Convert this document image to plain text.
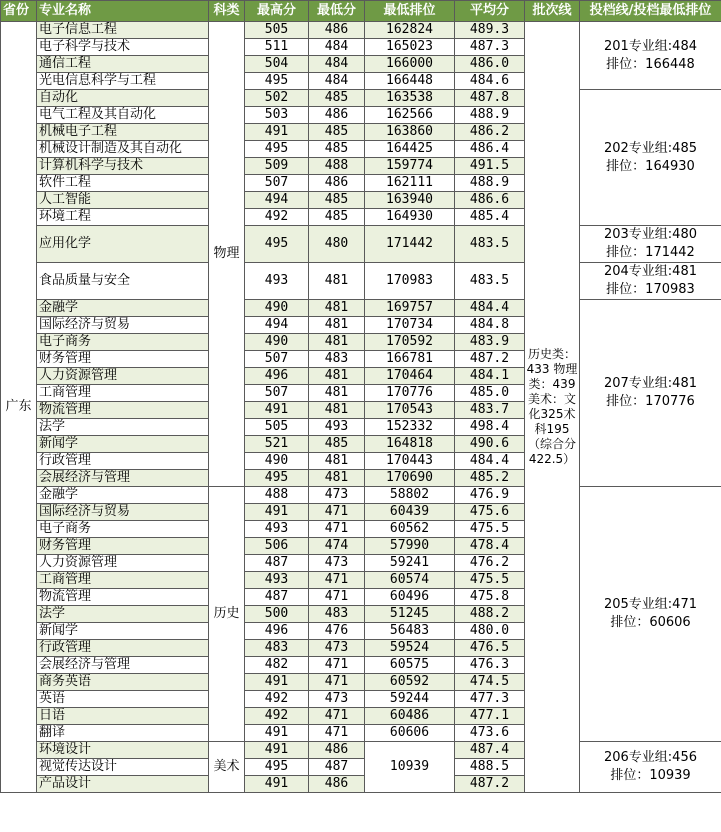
省份	专业名称	科类	最高分	最低分	最低排位	平均分	批次线	投档线/投档最低排位
广东	电子信息工程	物理	505	486	162824	489.3	历史类：433 物理类：439 美术：文化325术科195（综合分422.5）	201专业组:484
排位：166448

	电子科学与技术		511	484	165023	487.3		
	通信工程		504	484	166000	486.0		
	光电信息科学与工程		495	484	166448	484.6		
	自动化		502	485	163538	487.8		202专业组:485
排位：164930

	电气工程及其自动化		503	486	162566	488.9		
	机械电子工程		491	485	163860	486.2		
	机械设计制造及其自动化		495	485	164425	486.4		
	计算机科学与技术		509	488	159774	491.5		
	软件工程		507	486	162111	488.9		
	人工智能		494	485	163940	486.6		
	环境工程		492	485	164930	485.4		
	应用化学		495	480	171442	483.5		203专业组:480
排位：171442

	食品质量与安全		493	481	170983	483.5		204专业组:481
排位：170983

	金融学		490	481	169757	484.4		207专业组:481
排位：170776

	国际经济与贸易		494	481	170734	484.8		
	电子商务		490	481	170592	483.9		
	财务管理		507	483	166781	487.2		
	人力资源管理		496	481	170464	484.1		
	工商管理		507	481	170776	485.0		
	物流管理		491	481	170543	483.7		
	法学		505	493	152332	498.4		
	新闻学		521	485	164818	490.6		
	行政管理		490	481	170443	484.4		
	会展经济与管理		495	481	170690	485.2		
	金融学	历史	488	473	58802	476.9		205专业组:471
排位：60606

	国际经济与贸易		491	471	60439	475.6		
	电子商务		493	471	60562	475.5		
	财务管理		506	474	57990	478.4		
	人力资源管理		487	473	59241	476.2		
	工商管理		493	471	60574	475.5		
	物流管理		487	471	60496	475.8		
	法学		500	483	51245	488.2		
	新闻学		496	476	56483	480.0		
	行政管理		483	473	59524	476.5		
	会展经济与管理		482	471	60575	476.3		
	商务英语		491	471	60592	474.5		
	英语		492	473	59244	477.3		
	日语		492	471	60486	477.1		
	翻译		491	471	60606	473.6		
	环境设计	美术	491	486	10939	487.4		206专业组:456
排位：10939

	视觉传达设计		495	487		488.5		
	产品设计		491	486		487.2		
